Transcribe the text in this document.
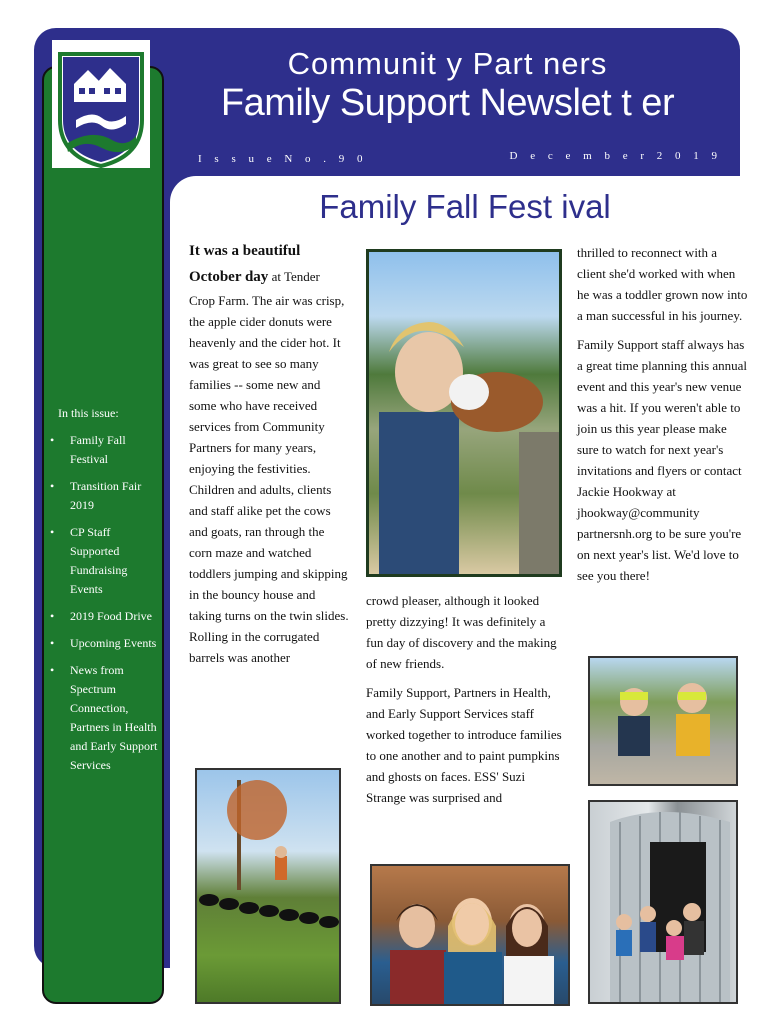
Communit y Part ners
Family Support Newslet t er
I s s u e N o . 9 0	D e c e m b e r 2 0 1 9
Family Fall Fest ival
In this issue:
• Family Fall Festival
• Transition Fair 2019
• CP Staff Supported Fundraising Events
• 2019 Food Drive
• Upcoming Events
• News from Spectrum Connection, Partners in Health and Early Support Services

It was a beautiful October day at Tender Crop Farm. The air was crisp, the apple cider donuts were heavenly and the cider hot. It was great to see so many families -- some new and some who have received services from Community Partners for many years, enjoying the festivities. Children and adults, clients and staff alike pet the cows and goats, ran through the corn maze and watched toddlers jumping and skipping in the bouncy house and taking turns on the twin slides. Rolling in the corrugated barrels was another

crowd pleaser, although it looked pretty dizzying! It was definitely a fun day of discovery and the making of new friends.

Family Support, Partners in Health, and Early Support Services staff worked together to introduce families to one another and to paint pumpkins and ghosts on faces. ESS' Suzi Strange was surprised and

thrilled to reconnect with a client she'd worked with when he was a toddler grown now into a man successful in his journey.

Family Support staff always has a great time planning this annual event and this year's new venue was a hit. If you weren't able to join us this year please make sure to watch for next year's invitations and flyers or contact Jackie Hookway at jhookway@community partnersnh.org to be sure you're on next year's list. We'd love to see you there!
